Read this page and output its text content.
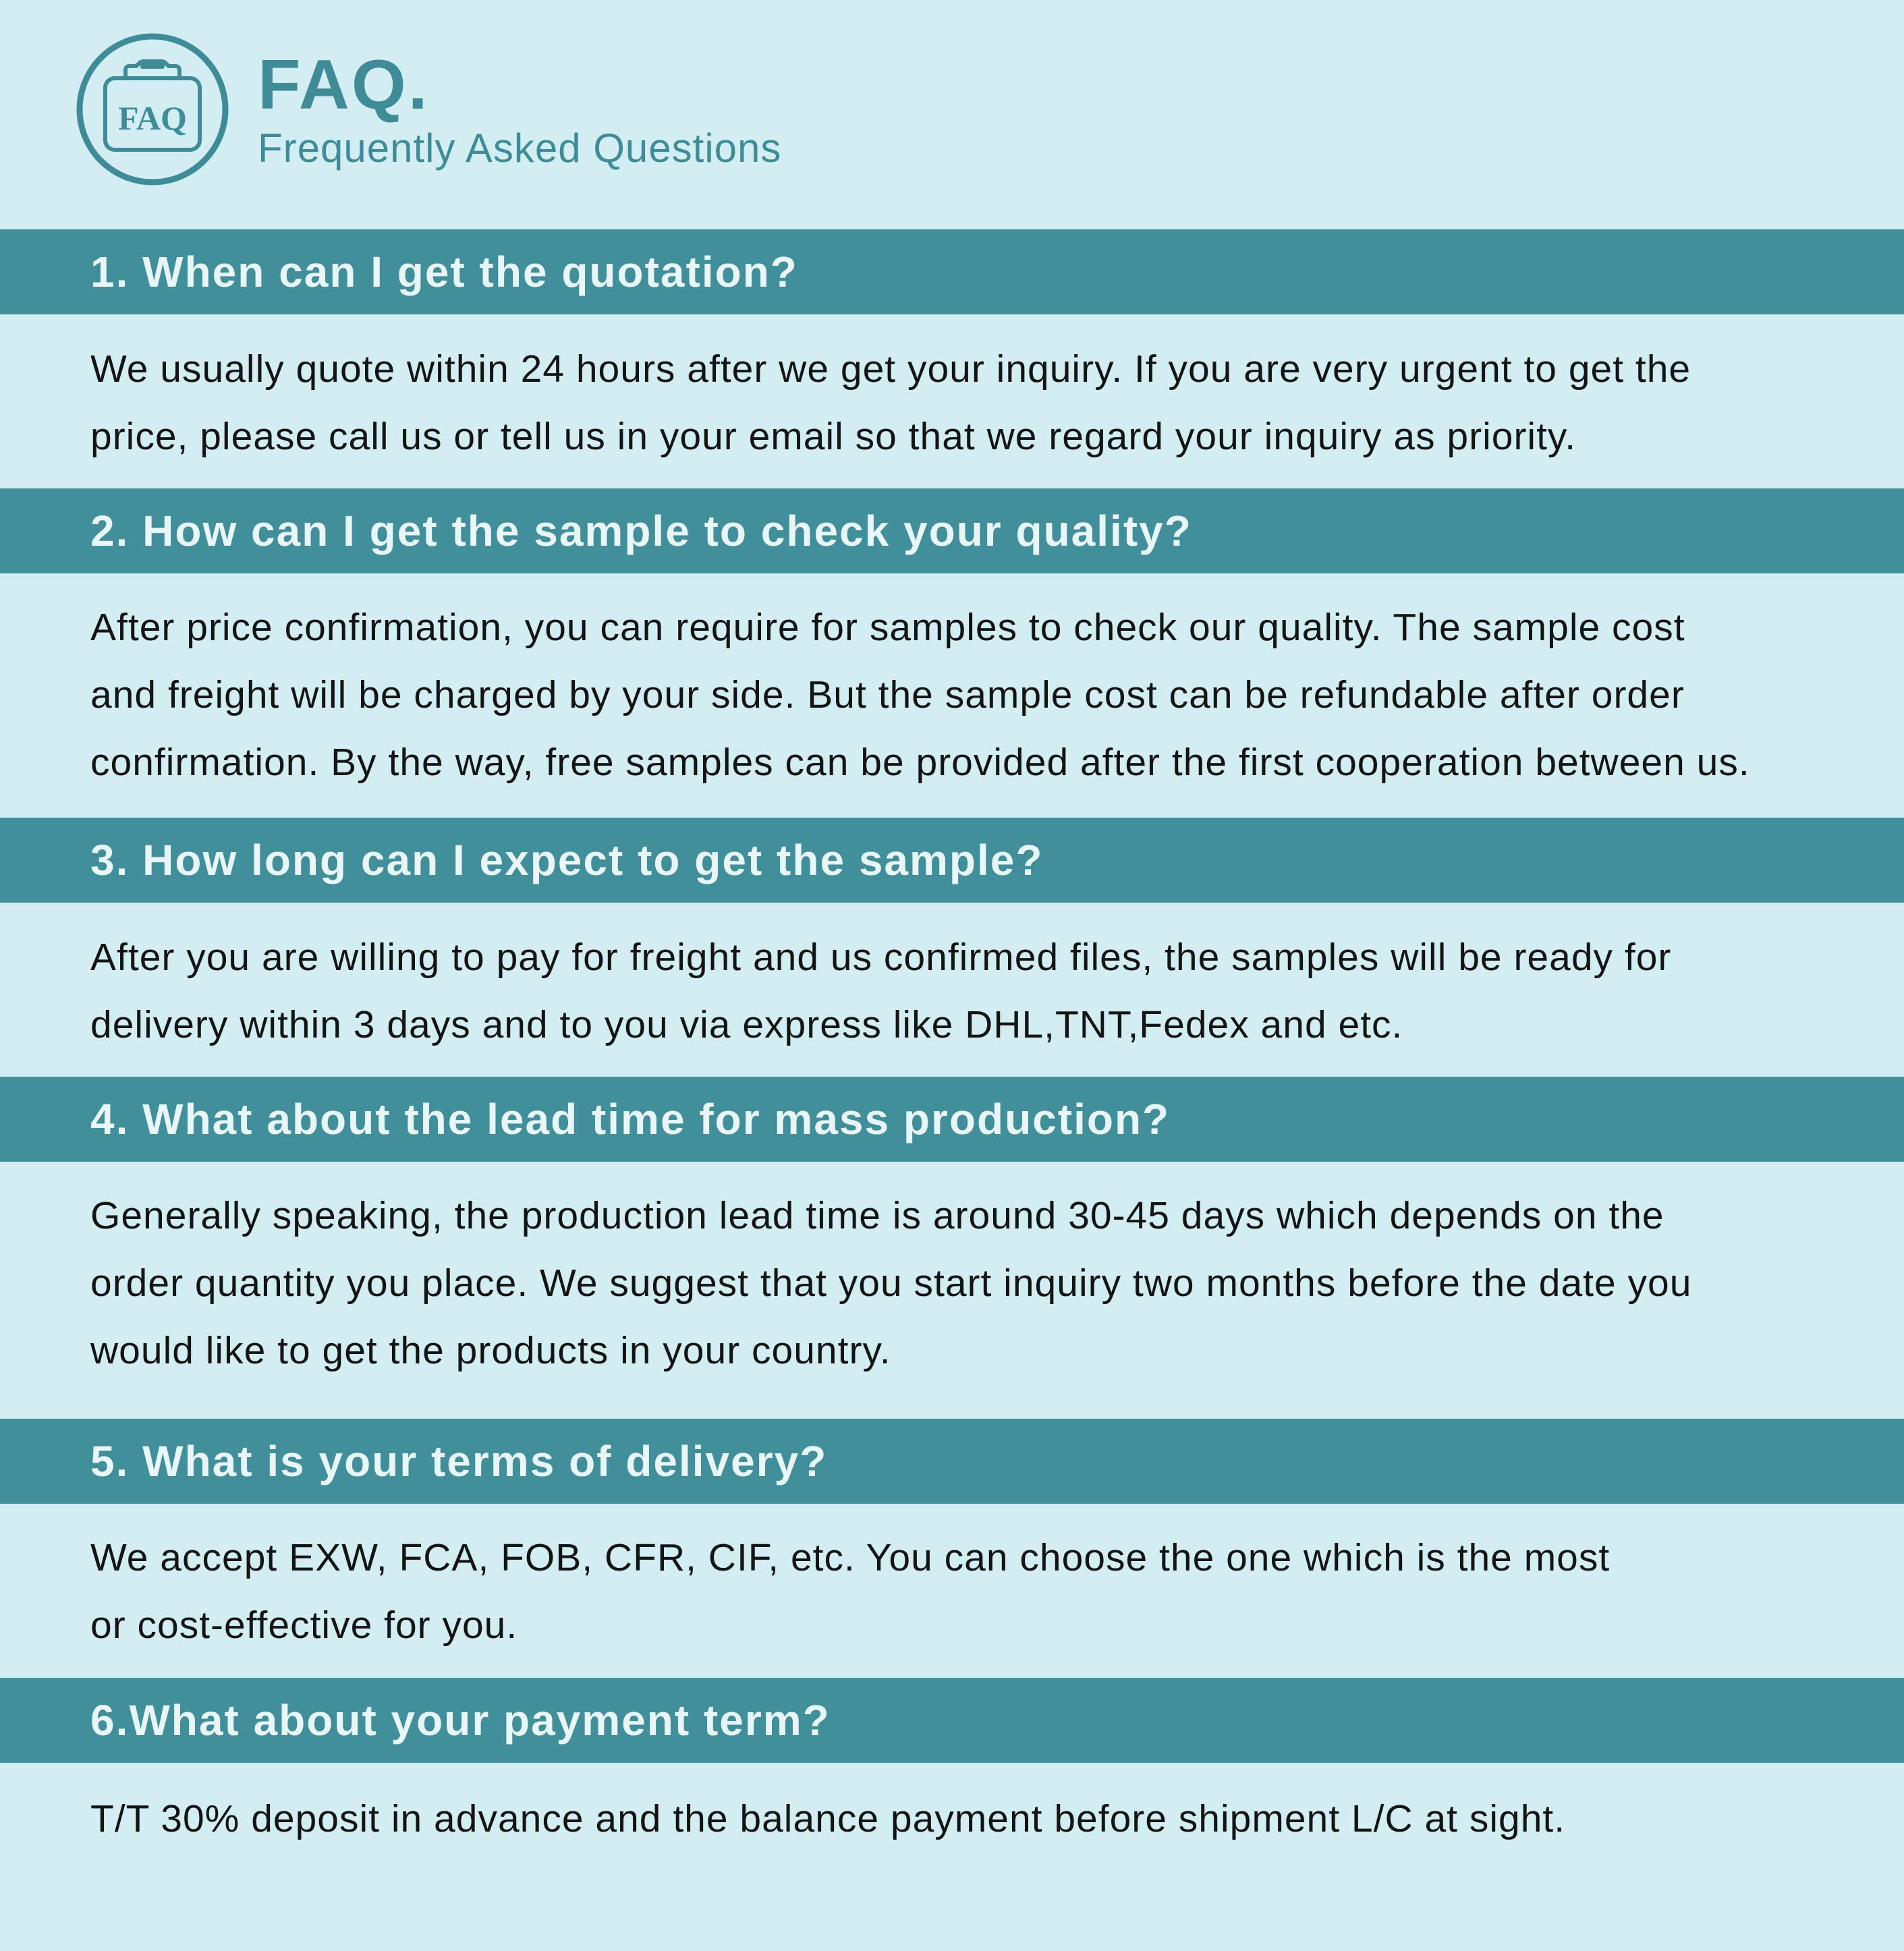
FAQ FAQ.
Frequently Asked Questions
1. When can I get the quotation?
We usually quote within 24 hours after we get your inquiry. If you are very urgent to get the
price, please call us or tell us in your email so that we regard your inquiry as priority.
2. How can I get the sample to check your quality?
After price confirmation, you can require for samples to check our quality. The sample cost
and freight will be charged by your side. But the sample cost can be refundable after order
confirmation. By the way, free samples can be provided after the first cooperation between us.
3. How long can I expect to get the sample?
After you are willing to pay for freight and us confirmed files, the samples will be ready for
delivery within 3 days and to you via express like DHL,TNT,Fedex and etc.
4. What about the lead time for mass production?
Generally speaking, the production lead time is around 30-45 days which depends on the
order quantity you place. We suggest that you start inquiry two months before the date you
would like to get the products in your country.
5. What is your terms of delivery?
We accept EXW, FCA, FOB, CFR, CIF, etc. You can choose the one which is the most
or cost-effective for you.
6.What about your payment term?
T/T 30% deposit in advance and the balance payment before shipment L/C at sight.
